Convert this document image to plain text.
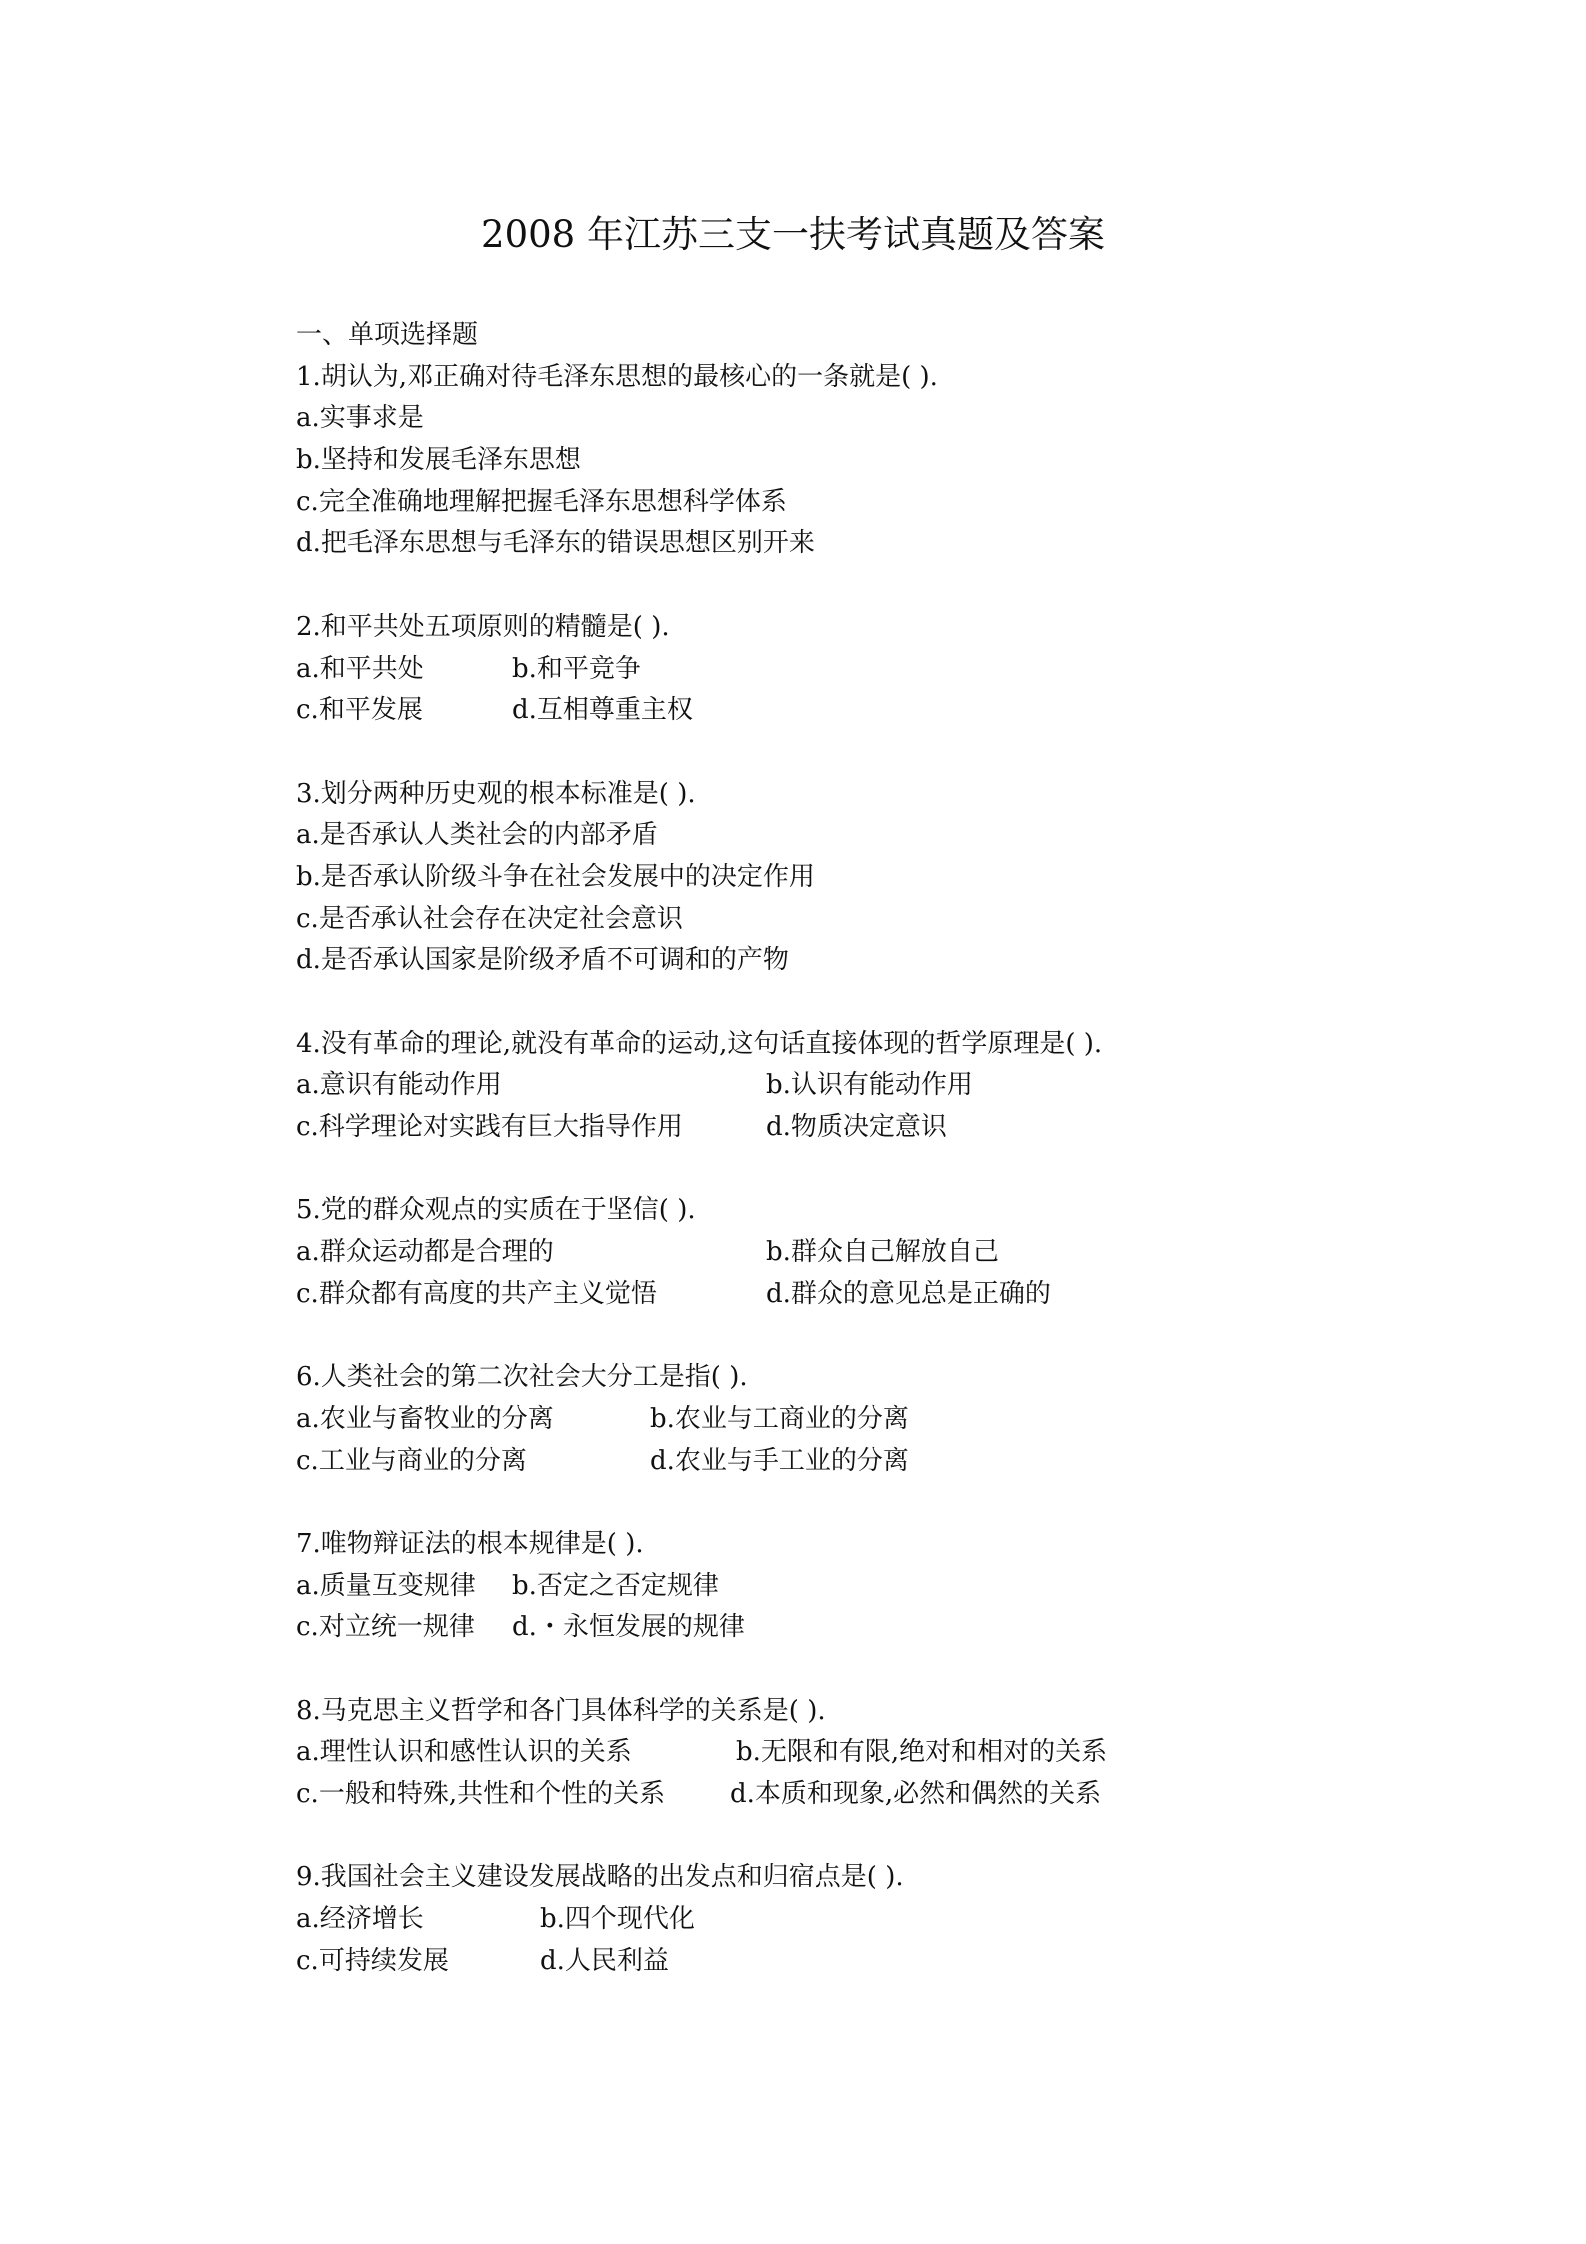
2008 年江苏三支一扶考试真题及答案
一、单项选择题
1.胡认为,邓正确对待毛泽东思想的最核心的一条就是( ).
a.实事求是
b.坚持和发展毛泽东思想
c.完全准确地理解把握毛泽东思想科学体系
d.把毛泽东思想与毛泽东的错误思想区别开来
2.和平共处五项原则的精髓是( ).
a.和平共处	b.和平竞争
c.和平发展	d.互相尊重主权
3.划分两种历史观的根本标准是( ).
a.是否承认人类社会的内部矛盾
b.是否承认阶级斗争在社会发展中的决定作用
c.是否承认社会存在决定社会意识
d.是否承认国家是阶级矛盾不可调和的产物
4.没有革命的理论,就没有革命的运动,这句话直接体现的哲学原理是( ).
a.意识有能动作用	b.认识有能动作用
c.科学理论对实践有巨大指导作用	d.物质决定意识
5.党的群众观点的实质在于坚信( ).
a.群众运动都是合理的	b.群众自己解放自己
c.群众都有高度的共产主义觉悟	d.群众的意见总是正确的
6.人类社会的第二次社会大分工是指( ).
a.农业与畜牧业的分离	b.农业与工商业的分离
c.工业与商业的分离	d.农业与手工业的分离
7.唯物辩证法的根本规律是( ).
a.质量互变规律 b.否定之否定规律
c.对立统一规律 d.・永恒发展的规律
8.马克思主义哲学和各门具体科学的关系是( ).
a.理性认识和感性认识的关系	b.无限和有限,绝对和相对的关系
c.一般和特殊,共性和个性的关系 d.本质和现象,必然和偶然的关系
9.我国社会主义建设发展战略的出发点和归宿点是( ).
a.经济增长	b.四个现代化
c.可持续发展	d.人民利益
